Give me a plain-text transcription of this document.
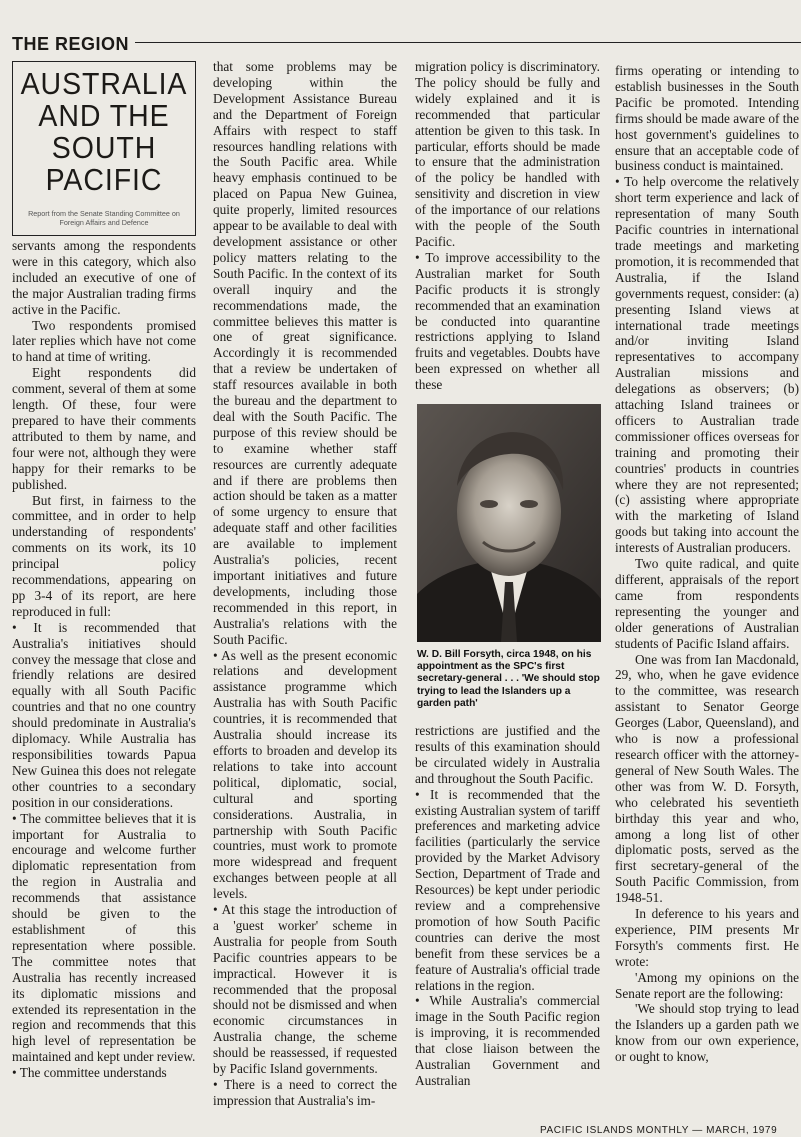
THE REGION
AUSTRALIA
AND THE
SOUTH
PACIFIC
Report from the Senate Standing Committee on Foreign Affairs and Defence

servants among the respondents were in this category, which also included an executive of one of the major Australian trading firms active in the Pacific.

Two respondents promised later replies which have not come to hand at time of writing.

Eight respondents did comment, several of them at some length. Of these, four were prepared to have their comments attributed to them by name, and four were not, although they were happy for their remarks to be published.

But first, in fairness to the committee, and in order to help understanding of respondents' comments on its work, its 10 principal policy recommendations, appearing on pp 3-4 of its report, are here reproduced in full:

• It is recommended that Australia's initiatives should convey the message that close and friendly relations are desired equally with all South Pacific countries and that no one country should predominate in Australia's diplomacy. While Australia has responsibilities towards Papua New Guinea this does not relegate other countries to a secondary position in our considerations.

• The committee believes that it is important for Australia to encourage and welcome further diplomatic representation from the region in Australia and recommends that assistance should be given to the establishment of this representation where possible. The committee notes that Australia has recently increased its diplomatic missions and extended its representation in the region and recommends that this high level of representation be maintained and kept under review.

• The committee understands

that some problems may be developing within the Development Assistance Bureau and the Department of Foreign Affairs with respect to staff resources handling relations with the South Pacific area. While heavy emphasis continued to be placed on Papua New Guinea, quite properly, limited resources appear to be available to deal with development assistance or other policy matters relating to the South Pacific. In the context of its overall inquiry and the recommendations made, the committee believes this matter is one of great significance. Accordingly it is recommended that a review be undertaken of staff resources available in both the bureau and the department to deal with the South Pacific. The purpose of this review should be to examine whether staff resources are currently adequate and if there are problems then action should be taken as a matter of some urgency to ensure that adequate staff and other facilities are available to implement Australia's policies, recent important initiatives and future developments, including those recommended in this report, in Australia's relations with the South Pacific.

• As well as the present economic relations and development assistance programme which Australia has with South Pacific countries, it is recommended that Australia should increase its efforts to broaden and develop its relations to take into account political, diplomatic, social, cultural and sporting considerations. Australia, in partnership with South Pacific countries, must work to promote more widespread and frequent exchanges between people at all levels.

• At this stage the introduction of a 'guest worker' scheme in Australia for people from South Pacific countries appears to be impractical. However it is recommended that the proposal should not be dismissed and when economic circumstances in Australia change, the scheme should be reassessed, if requested by Pacific Island governments.

• There is a need to correct the impression that Australia's im-

migration policy is discriminatory. The policy should be fully and widely explained and it is recommended that particular attention be given to this task. In particular, efforts should be made to ensure that the administration of the policy be handled with sensitivity and discretion in view of the importance of our relations with the people of the South Pacific.

• To improve accessibility to the Australian market for South Pacific products it is strongly recommended that an examination be conducted into quarantine restrictions applying to Island fruits and vegetables. Doubts have been expressed on whether all these

W. D. Bill Forsyth, circa 1948, on his appointment as the SPC's first secretary-general . . . 'We should stop trying to lead the Islanders up a garden path'

restrictions are justified and the results of this examination should be circulated widely in Australia and throughout the South Pacific.

• It is recommended that the existing Australian system of tariff preferences and marketing advice facilities (particularly the service provided by the Market Advisory Section, Department of Trade and Resources) be kept under periodic review and a comprehensive promotion of how South Pacific countries can derive the most benefit from these services be a feature of Australia's official trade relations in the region.

• While Australia's commercial image in the South Pacific region is improving, it is recommended that close liaison between the Australian Government and Australian

firms operating or intending to establish businesses in the South Pacific be promoted. Intending firms should be made aware of the host government's guidelines to ensure that an acceptable code of business conduct is maintained.

• To help overcome the relatively short term experience and lack of representation of many South Pacific countries in international trade meetings and marketing promotion, it is recommended that Australia, if the Island governments request, consider: (a) presenting Island views at international trade meetings and/or inviting Island representatives to accompany Australian missions and delegations as observers; (b) attaching Island trainees or officers to Australian trade commissioner offices overseas for training and promoting their countries' products in countries where they are not represented; (c) assisting where appropriate with the marketing of Island goods but taking into account the interests of Australian producers.

Two quite radical, and quite different, appraisals of the report came from respondents representing the younger and older generations of Australian students of Pacific Island affairs.

One was from Ian Macdonald, 29, who, when he gave evidence to the committee, was research assistant to Senator George Georges (Labor, Queensland), and who is now a professional research officer with the attorney-general of New South Wales. The other was from W. D. Forsyth, who celebrated his seventieth birthday this year and who, among a long list of other diplomatic posts, served as the first secretary-general of the South Pacific Commission, from 1948-51.

In deference to his years and experience, PIM presents Mr Forsyth's comments first. He wrote:

'Among my opinions on the Senate report are the following:

'We should stop trying to lead the Islanders up a garden path we know from our own experience, or ought to know,

PACIFIC ISLANDS MONTHLY — MARCH, 1979
